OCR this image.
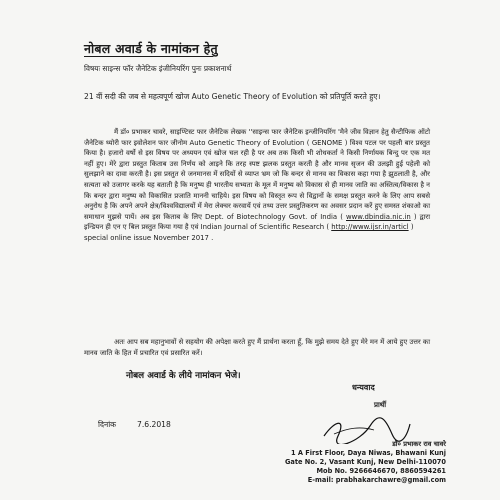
नोबल अवार्ड के नामांकन हेतु
विषयः साइन्स फॉर जैनेटिक इंजीनियरिंग पुनः प्रकाशनार्थ
21 वीं सदी की जब से महत्वपूर्ण खोज Auto Genetic Theory of Evolution को प्रतिपूर्ति करते हुए।
मैं डॉ० प्रभाकर चावरे, साइण्टिस्ट फार जैनेटिक लेखक ''साइन्स फार जैनेटिक इन्जीनियरिंग 'मैने जीव विज्ञान हेतु सैन्टीफिक ऑटो जैनेटिक थ्योरी फार इवोलेशन फार जीनोम Auto Genetic Theory of Evolution ( GENOME ) विश्व पटल पर पहली बार प्रस्तुत किया है। हजारो वर्षो से इस विषय पर अध्ययन एवं खोज चल रही है पर अब तक किसी भी शोधकर्ता ने किसी निर्णायक बिन्दु पर एक मत नहीं हुए। मेरे द्वारा प्रस्तुत किताब उस निर्णय को आइने कि तरह स्पष्ट झलक प्रस्तुत करती है और मानव सृजन की उलझी हुई पहेली को सुलझाने का दावा करती है। इस प्रस्तुत से जनमानस में सदियों से व्याप्त भ्रम जो कि बन्दर से मानव का विकास कहा गया है झुठलाती है, और सत्यता को उजागर करके यह बताती है कि मनुष्य ही भारतीय सभ्यता के मूल में मनुष्य को विकास से ही मानव जाति का अस्तित्व/विकास है न कि बन्दर द्वारा मनुष्य को विकासित प्रजाति माननी चाहिये। इस विषय को विस्तृत रूप से विद्वानों के समक्ष प्रस्तुत करने के लिए आप सबसे अनुरोध है कि अपने अपने क्षेत्र/विश्वविद्यालयों में मेरा लेक्चर करवायें एवं तथ्य उत्तर प्रस्तुतिकरण का अवसर प्रदान करें हुए समस्त शंकाओ का समाधान मुझसे पायें। अब इस किताब के लिए Dept. of Biotechnology Govt. of India ( www.dbindia.nic.in ) द्वारा इन्डियन ही एन ए बिल प्रस्तुत किया गया है एवं Indian Journal of Scientific Research ( http://www.ijsr.in/articl )
special online issue November 2017 .
अतः आप सब महानुभावों से सहयोग की अपेक्षा करते हुए मैं प्रार्थना करता हूँ, कि मुझे समय देते हुए मेरे मन में आये हुए उत्तर का मानव जाति के हित में प्रचारित एवं प्रसारित करें।
नोबल अवार्ड के लीये नामांकन भेजे।
धन्यवाद
प्रार्थी
दिनांक	7.6.2018
डॉ० प्रभाकर राव चावरे
1 A First Floor, Daya Niwas, Bhawani Kunj
Gate No. 2, Vasant Kunj, New Delhi-110070
Mob No. 9266646670, 8860594261
E-mail: prabhakarchawre@gmail.com
